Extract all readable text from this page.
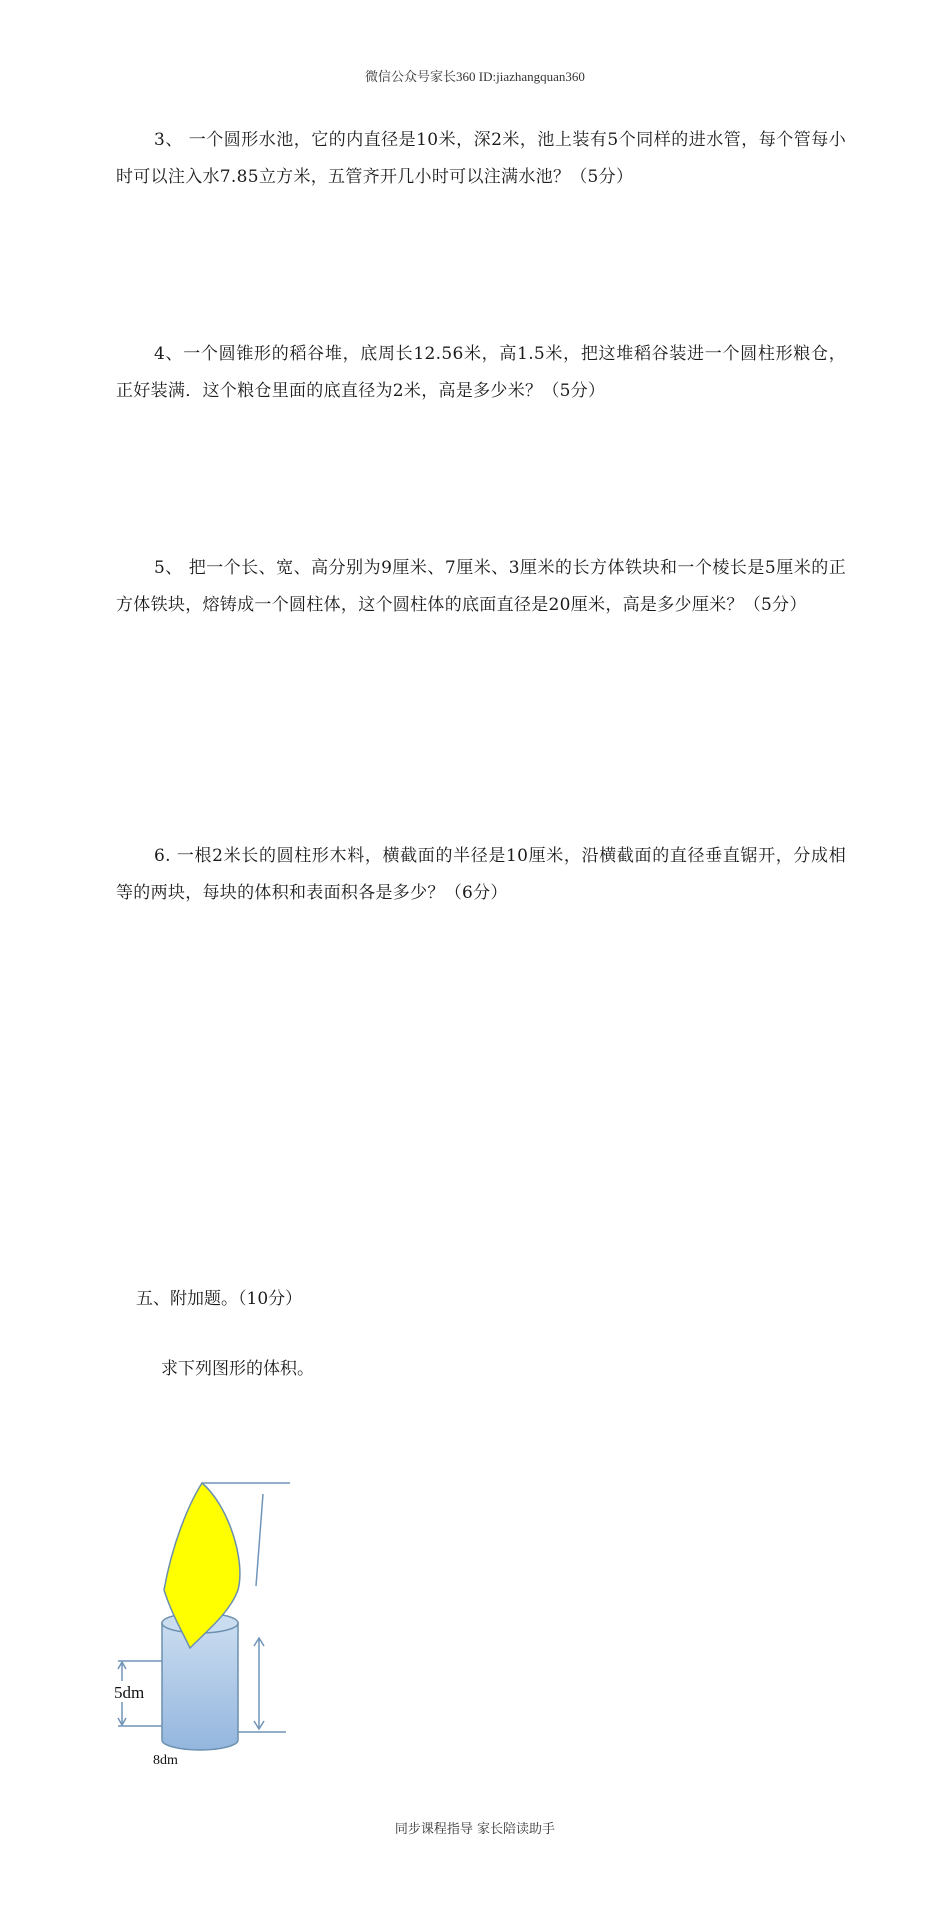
微信公众号家长360 ID:jiazhangquan360

3、 一个圆形水池，它的内直径是10米，深2米，池上装有5个同样的进水管，每个管每小时可以注入水7.85立方米，五管齐开几小时可以注满水池？（5分）

4、一个圆锥形的稻谷堆，底周长12.56米，高1.5米，把这堆稻谷装进一个圆柱形粮仓，正好装满．这个粮仓里面的底直径为2米，高是多少米？（5分）

5、 把一个长、宽、高分别为9厘米、7厘米、3厘米的长方体铁块和一个棱长是5厘米的正方体铁块，熔铸成一个圆柱体，这个圆柱体的底面直径是20厘米，高是多少厘米？（5分）

6. 一根2米长的圆柱形木料，横截面的半径是10厘米，沿横截面的直径垂直锯开，分成相等的两块，每块的体积和表面积各是多少？（6分）

五、附加题。（10分）
求下列图形的体积。
5dm
8dm
同步课程指导 家长陪读助手
